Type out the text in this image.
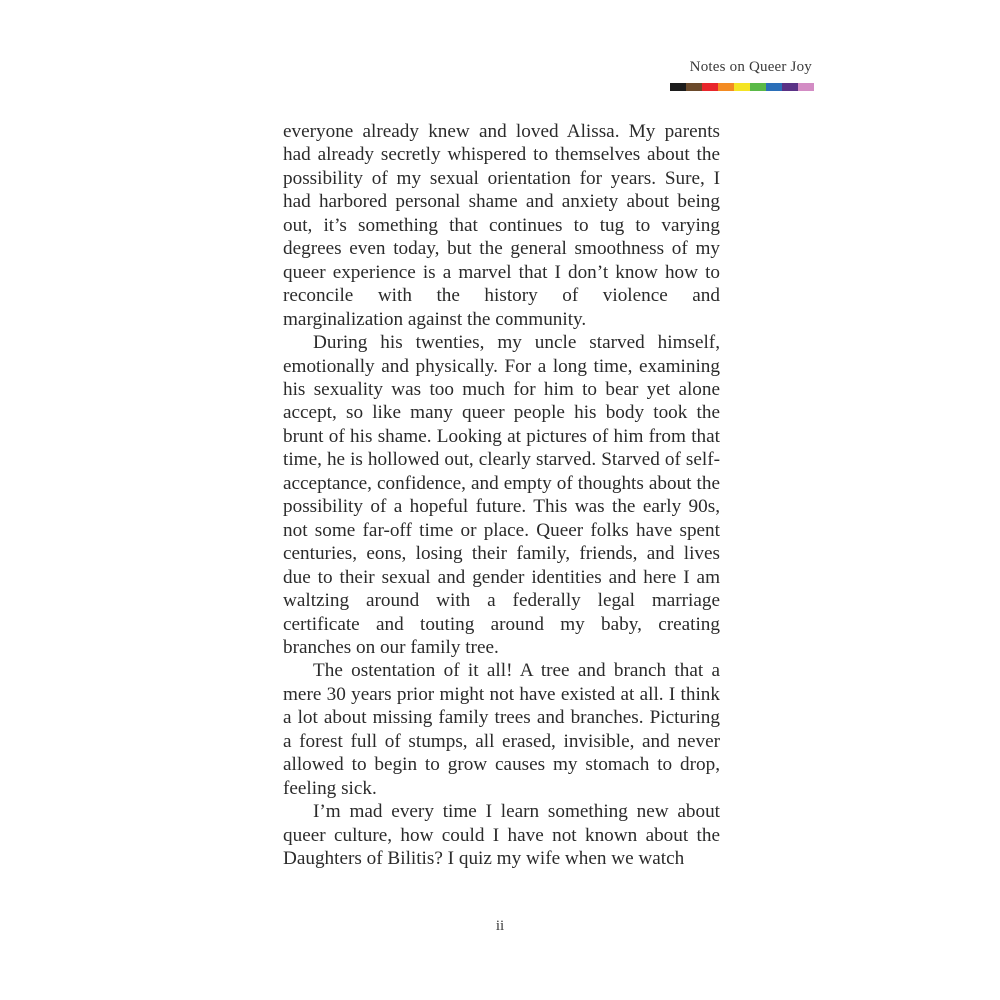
Notes on Queer Joy

everyone already knew and loved Alissa. My parents had already secretly whispered to themselves about the possibility of my sexual orientation for years. Sure, I had harbored personal shame and anxiety about being out, it’s something that continues to tug to varying degrees even today, but the general smoothness of my queer experience is a marvel that I don’t know how to reconcile with the history of violence and marginalization against the community.

During his twenties, my uncle starved himself, emotionally and physically. For a long time, examining his sexuality was too much for him to bear yet alone accept, so like many queer people his body took the brunt of his shame. Looking at pictures of him from that time, he is hollowed out, clearly starved. Starved of self-acceptance, confidence, and empty of thoughts about the possibility of a hopeful future. This was the early 90s, not some far-off time or place. Queer folks have spent centuries, eons, losing their family, friends, and lives due to their sexual and gender identities and here I am waltzing around with a federally legal marriage certificate and touting around my baby, creating branches on our family tree.

The ostentation of it all! A tree and branch that a mere 30 years prior might not have existed at all. I think a lot about missing family trees and branches. Picturing a forest full of stumps, all erased, invisible, and never allowed to begin to grow causes my stomach to drop, feeling sick.

I’m mad every time I learn something new about queer culture, how could I have not known about the Daughters of Bilitis? I quiz my wife when we watch

ii
